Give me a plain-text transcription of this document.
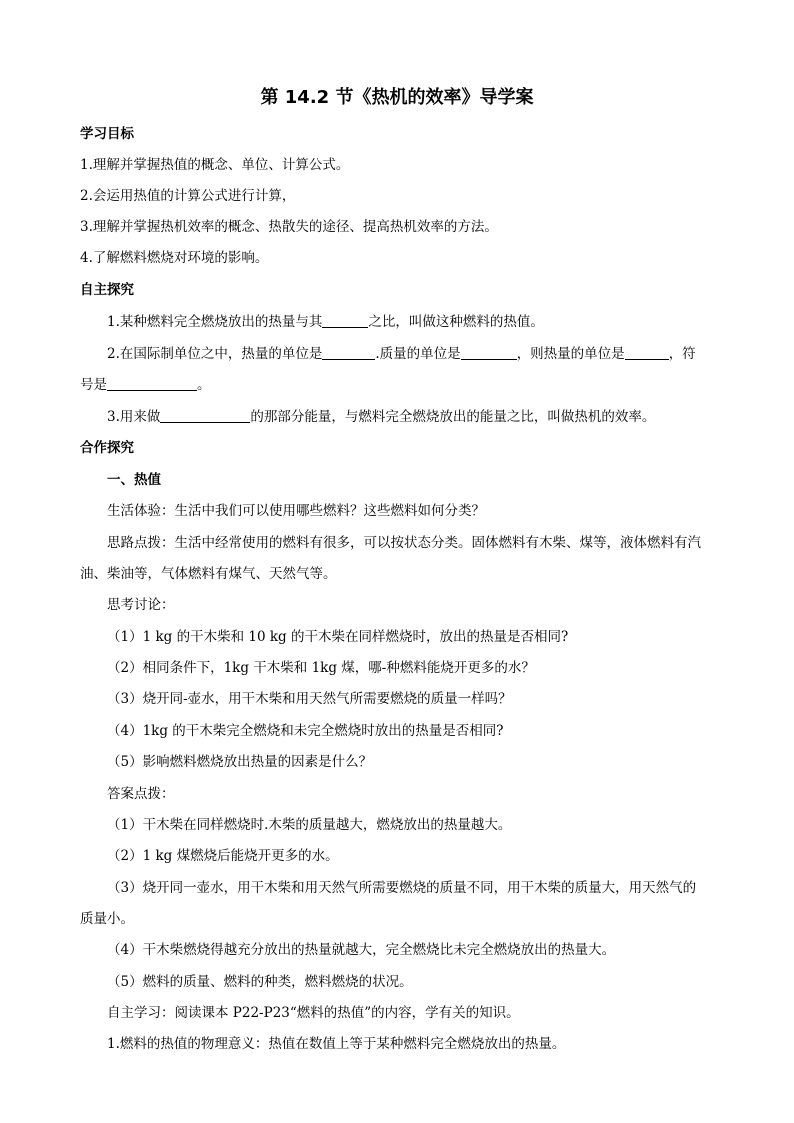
第 14.2 节《热机的效率》导学案
学习目标
1.理解并掌握热值的概念、单位、计算公式。
2.会运用热值的计算公式进行计算，
3.理解并掌握热机效率的概念、热散失的途径、提高热机效率的方法。
4.了解燃料燃烧对环境的影响。
自主探究
1.某种燃料完全燃烧放出的热量与其	之比，叫做这种燃料的热值。
2.在国际制单位之中，热量的单位是	.质量的单位是	，则热量的单位是	，符
号是	。
3.用来做	的那部分能量，与燃料完全燃烧放出的能量之比，叫做热机的效率。
合作探究
一、热值
生活体验：生活中我们可以使用哪些燃料？这些燃料如何分类？
思路点拨：生活中经常使用的燃料有很多，可以按状态分类。固体燃料有木柴、煤等，液体燃料有汽
油、柴油等，气体燃料有煤气、天然气等。
思考讨论：
（1）1 kg 的干木柴和 10 kg 的干木柴在同样燃烧时，放出的热量是否相同?
（2）相同条件下，1kg 干木柴和 1kg 煤，哪-种燃料能烧开更多的水？
（3）烧开同-壶水，用干木柴和用天然气所需要燃烧的质量一样吗？
（4）1kg 的干木柴完全燃烧和未完全燃烧时放出的热量是否相同?
（5）影响燃料燃烧放出热量的因素是什么？
答案点拨：
（1）干木柴在同样燃烧时.木柴的质量越大，燃烧放出的热量越大。
（2）1 kg 煤燃烧后能烧开更多的水。
（3）烧开同一壶水，用干木柴和用天然气所需要燃烧的质量不同，用干木柴的质量大，用天然气的
质量小。
（4）干木柴燃烧得越充分放出的热量就越大，完全燃烧比未完全燃烧放出的热量大。
（5）燃料的质量、燃料的种类，燃料燃烧的状况。
自主学习：阅读课本 P22-P23“燃料的热值”的内容，学有关的知识。
1.燃料的热值的物理意义：热值在数值上等于某种燃料完全燃烧放出的热量。
